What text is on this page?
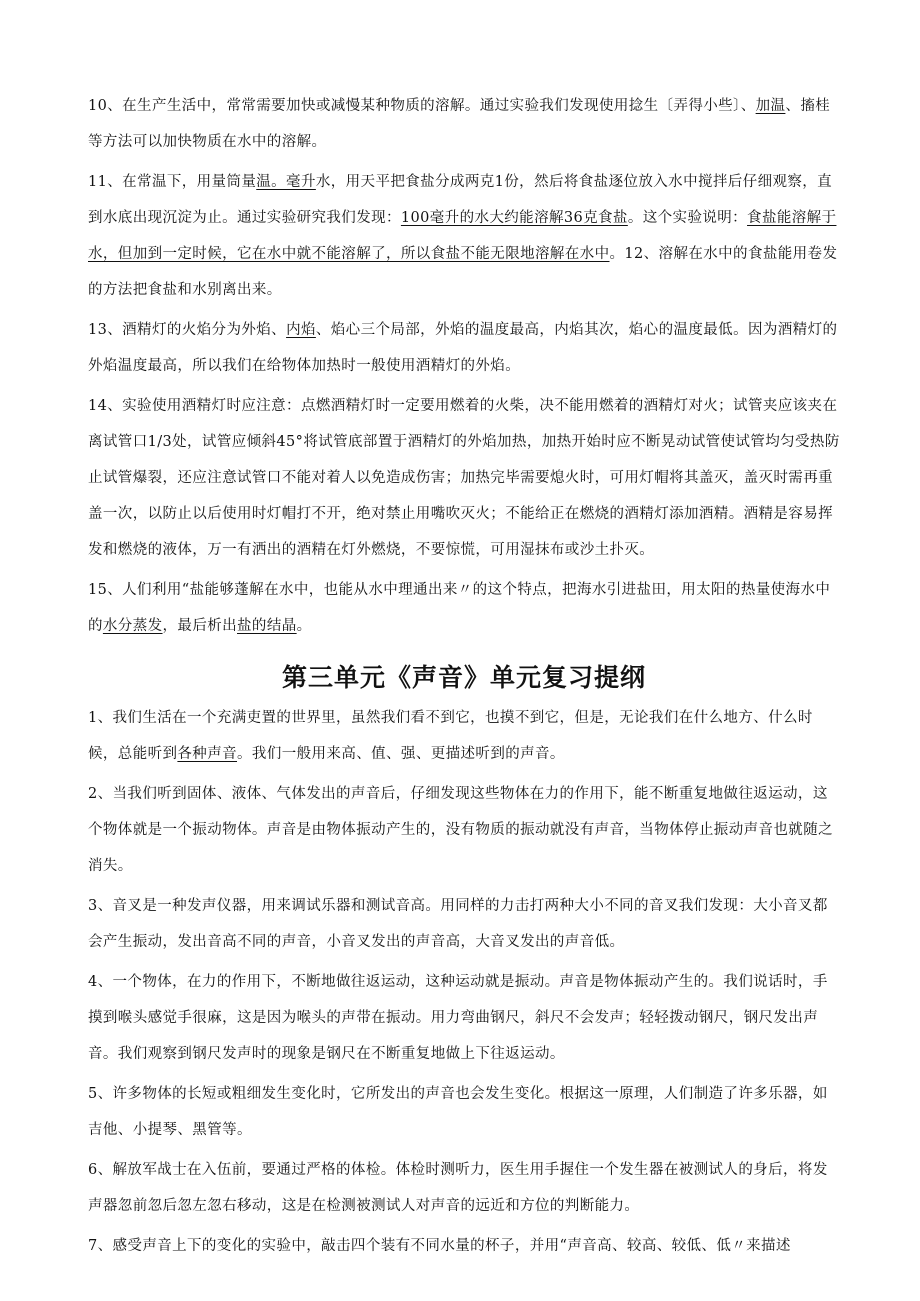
10、在生产生活中，常常需要加快或减慢某种物质的溶解。通过实验我们发现使用捻生〔弄得小些〕、加温、搐桂等方法可以加快物质在水中的溶解。

11、在常温下，用量筒量温。毫升水，用天平把食盐分成两克1份，然后将食盐逐位放入水中搅拌后仔细观察，直到水底出现沉淀为止。通过实验研究我们发现：100毫升的水大约能溶解36克食盐。这个实验说明：食盐能溶解于水，但加到一定时候，它在水中就不能溶解了，所以食盐不能无限地溶解在水中。12、溶解在水中的食盐能用卷发的方法把食盐和水别离出来。

13、酒精灯的火焰分为外焰、内焰、焰心三个局部，外焰的温度最高，内焰其次，焰心的温度最低。因为酒精灯的外焰温度最高，所以我们在给物体加热时一般使用酒精灯的外焰。

14、实验使用酒精灯时应注意：点燃酒精灯时一定要用燃着的火柴，决不能用燃着的酒精灯对火；试管夹应该夹在离试管口1/3处，试管应倾斜45°将试管底部置于酒精灯的外焰加热，加热开始时应不断晃动试管使试管均匀受热防止试管爆裂，还应注意试管口不能对着人以免造成伤害；加热完毕需要熄火时，可用灯帽将其盖灭，盖灭时需再重盖一次，以防止以后使用时灯帽打不开，绝对禁止用嘴吹灭火；不能给正在燃烧的酒精灯添加酒精。酒精是容易挥发和燃烧的液体，万一有洒出的酒精在灯外燃烧，不要惊慌，可用湿抹布或沙土扑灭。

15、人们利用“盐能够蓬解在水中，也能从水中理通出来〃的这个特点，把海水引进盐田，用太阳的热量使海水中的水分蒸发，最后析出盐的结晶。

第三单元《声音》单元复习提纲

1、我们生活在一个充满吏置的世界里，虽然我们看不到它，也摸不到它，但是，无论我们在什么地方、什么时候，总能听到各种声音。我们一般用来高、值、强、更描述听到的声音。

2、当我们听到固体、液体、气体发出的声音后，仔细发现这些物体在力的作用下，能不断重复地做往返运动，这个物体就是一个振动物体。声音是由物体振动产生的，没有物质的振动就没有声音，当物体停止振动声音也就随之消失。

3、音叉是一种发声仪器，用来调试乐器和测试音高。用同样的力击打两种大小不同的音叉我们发现：大小音叉都会产生振动，发出音高不同的声音，小音叉发出的声音高，大音叉发出的声音低。

4、一个物体，在力的作用下，不断地做往返运动，这种运动就是振动。声音是物体振动产生的。我们说话时，手摸到喉头感觉手很麻，这是因为喉头的声带在振动。用力弯曲钢尺，斜尺不会发声；轻轻拨动钢尺，钢尺发出声音。我们观察到钢尺发声时的现象是钢尺在不断重复地做上下往返运动。

5、许多物体的长短或粗细发生变化时，它所发出的声音也会发生变化。根据这一原理，人们制造了许多乐器，如吉他、小提琴、黑管等。

6、解放军战士在入伍前，要通过严格的体检。体检时测听力，医生用手握住一个发生器在被测试人的身后，将发声器忽前忽后忽左忽右移动，这是在检测被测试人对声音的远近和方位的判断能力。

7、感受声音上下的变化的实验中，敲击四个装有不同水量的杯子，并用“声音高、较高、较低、低〃来描述
